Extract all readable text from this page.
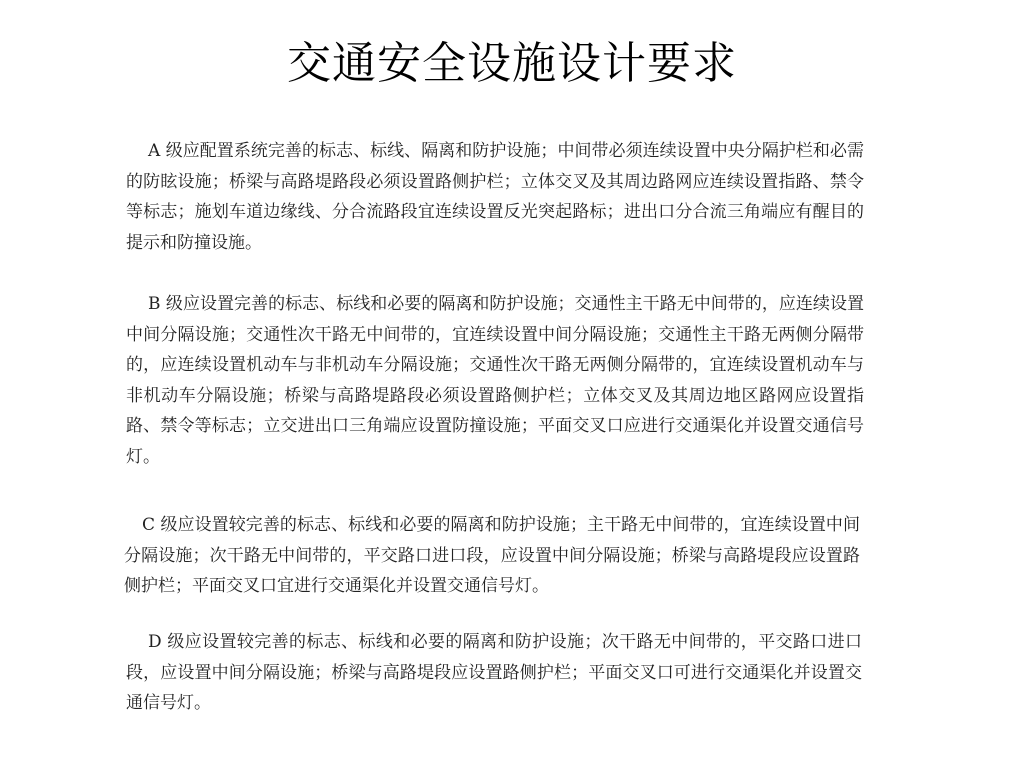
交通安全设施设计要求

A 级应配置系统完善的标志、标线、隔离和防护设施；中间带必须连续设置中央分隔护栏和必需的防眩设施；桥梁与高路堤路段必须设置路侧护栏；立体交叉及其周边路网应连续设置指路、禁令等标志；施划车道边缘线、分合流路段宜连续设置反光突起路标；进出口分合流三角端应有醒目的提示和防撞设施。

B 级应设置完善的标志、标线和必要的隔离和防护设施；交通性主干路无中间带的，应连续设置中间分隔设施；交通性次干路无中间带的，宜连续设置中间分隔设施；交通性主干路无两侧分隔带的，应连续设置机动车与非机动车分隔设施；交通性次干路无两侧分隔带的，宜连续设置机动车与非机动车分隔设施；桥梁与高路堤路段必须设置路侧护栏；立体交叉及其周边地区路网应设置指路、禁令等标志；立交进出口三角端应设置防撞设施；平面交叉口应进行交通渠化并设置交通信号灯。

C 级应设置较完善的标志、标线和必要的隔离和防护设施；主干路无中间带的，宜连续设置中间分隔设施；次干路无中间带的，平交路口进口段，应设置中间分隔设施；桥梁与高路堤段应设置路侧护栏；平面交叉口宜进行交通渠化并设置交通信号灯。

D 级应设置较完善的标志、标线和必要的隔离和防护设施；次干路无中间带的，平交路口进口段，应设置中间分隔设施；桥梁与高路堤段应设置路侧护栏；平面交叉口可进行交通渠化并设置交通信号灯。
